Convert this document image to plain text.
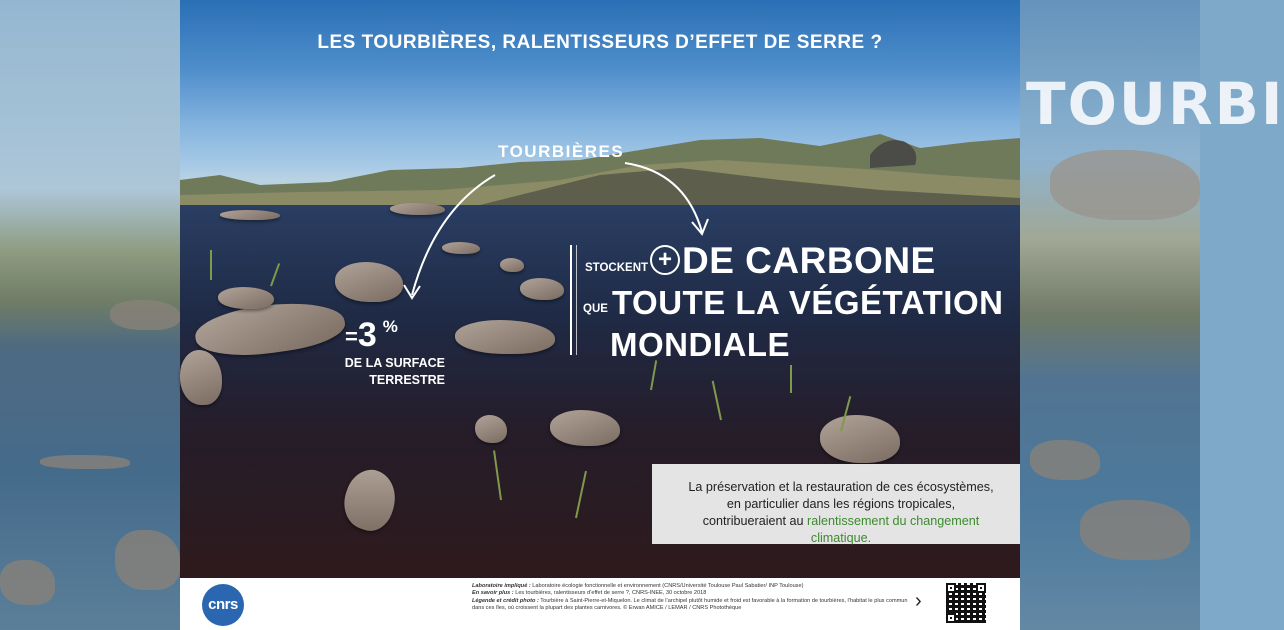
TOURBI
LES TOURBIÈRES, RALENTISSEURS D’EFFET DE SERRE ?
TOURBIÈRES
=3 %
DE LA SURFACE
TERRESTRE
STOCKENT + DE CARBONE
QUE TOUTE LA VÉGÉTATION
MONDIALE

La préservation et la restauration de ces écosystèmes, en particulier dans les régions tropicales, contribueraient au ralentissement du changement climatique.

cnrs
Laboratoire impliqué : Laboratoire écologie fonctionnelle et environnement (CNRS/Université Toulouse Paul Sabatier/ INP Toulouse)
En savoir plus : Les tourbières, ralentisseurs d’effet de serre ?, CNRS-INEE, 30 octobre 2018
Légende et crédit photo : Tourbière à Saint-Pierre-et-Miquelon. Le climat de l’archipel plutôt humide et froid est favorable à la formation de tourbières, l’habitat le plus commun dans ces îles, où croissent la plupart des plantes carnivores. © Erwan AMICE / LEMAR / CNRS Photothèque	›
